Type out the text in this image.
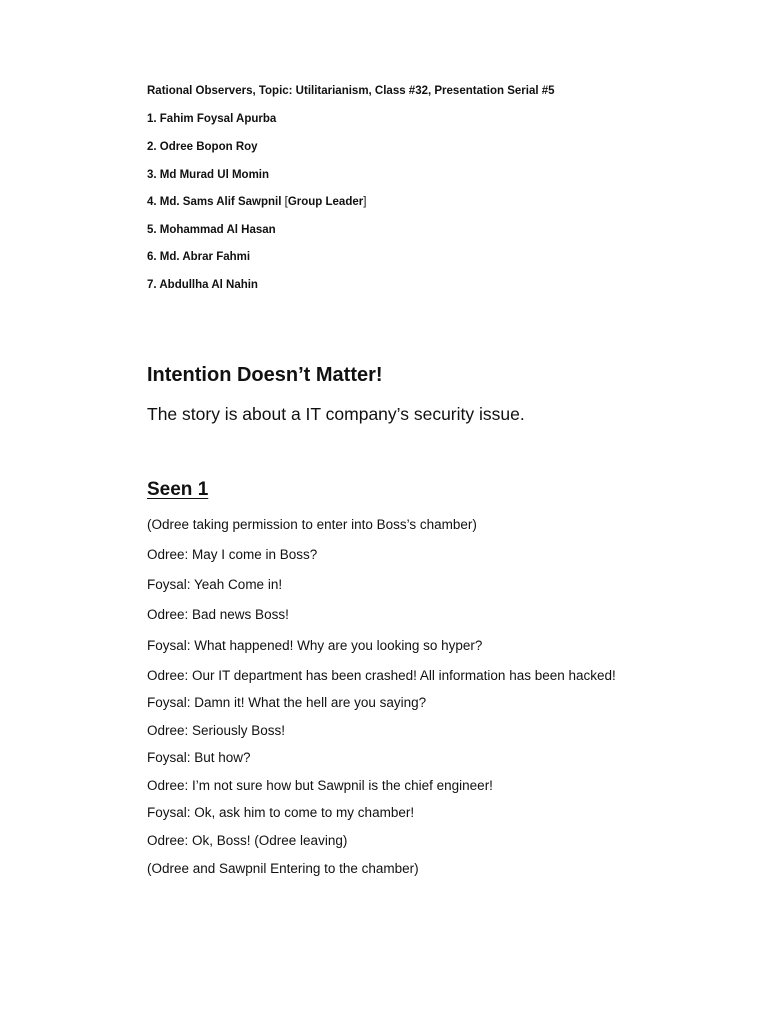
Rational Observers, Topic: Utilitarianism, Class #32, Presentation Serial #5
1. Fahim Foysal Apurba
2. Odree Bopon Roy
3. Md Murad Ul Momin
4. Md. Sams Alif Sawpnil [Group Leader]
5. Mohammad Al Hasan
6. Md. Abrar Fahmi
7. Abdullha Al Nahin
Intention Doesn’t Matter!
The story is about a IT company’s security issue.
Seen 1
(Odree taking permission to enter into Boss’s chamber)
Odree: May I come in Boss?
Foysal: Yeah Come in!
Odree: Bad news Boss!
Foysal: What happened! Why are you looking so hyper?
Odree: Our IT department has been crashed! All information has been hacked!
Foysal: Damn it! What the hell are you saying?
Odree: Seriously Boss!
Foysal: But how?
Odree: I’m not sure how but Sawpnil is the chief engineer!
Foysal: Ok, ask him to come to my chamber!
Odree: Ok, Boss! (Odree leaving)
(Odree and Sawpnil Entering to the chamber)
